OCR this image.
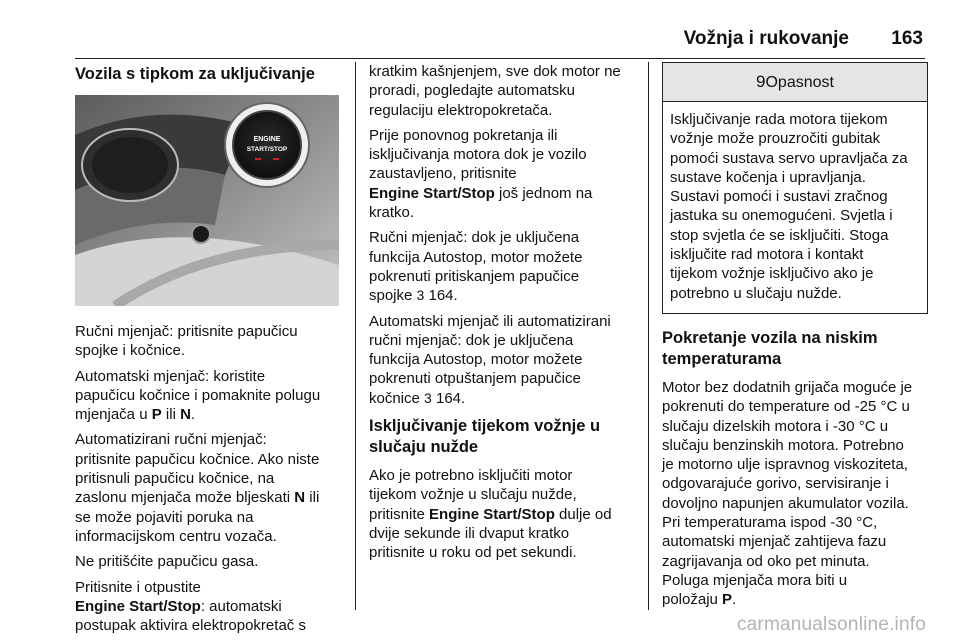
Vožnja i rukovanje 163
Vozila s tipkom za uključivanje
ENGINE
START/STOP

Ručni mjenjač: pritisnite papučicu
spojke i kočnice.

Automatski mjenjač: koristite
papučicu kočnice i pomaknite polugu
mjenjača u P ili N.

Automatizirani ručni mjenjač:
pritisnite papučicu kočnice. Ako niste
pritisnuli papučicu kočnice, na
zaslonu mjenjača može bljeskati N ili
se može pojaviti poruka na
informacijskom centru vozača.

Ne pritišćite papučicu gasa.

Pritisnite i otpustite
Engine Start/Stop: automatski
postupak aktivira elektropokretač s

kratkim kašnjenjem, sve dok motor ne
proradi, pogledajte automatsku
regulaciju elektropokretača.

Prije ponovnog pokretanja ili
isključivanja motora dok je vozilo
zaustavljeno, pritisnite
Engine Start/Stop još jednom na
kratko.

Ručni mjenjač: dok je uključena
funkcija Autostop, motor možete
pokrenuti pritiskanjem papučice
spojke 3 164.

Automatski mjenjač ili automatizirani
ručni mjenjač: dok je uključena
funkcija Autostop, motor možete
pokrenuti otpuštanjem papučice
kočnice 3 164.

Isključivanje tijekom vožnje u
slučaju nužde

Ako je potrebno isključiti motor
tijekom vožnje u slučaju nužde,
pritisnite Engine Start/Stop dulje od
dvije sekunde ili dvaput kratko
pritisnite u roku od pet sekundi.

9Opasnost
Isključivanje rada motora tijekom
vožnje može prouzročiti gubitak
pomoći sustava servo upravljača za
sustave kočenja i upravljanja.
Sustavi pomoći i sustavi zračnog
jastuka su onemogućeni. Svjetla i
stop svjetla će se isključiti. Stoga
isključite rad motora i kontakt
tijekom vožnje isključivo ako je
potrebno u slučaju nužde.
Pokretanje vozila na niskim
temperaturama

Motor bez dodatnih grijača moguće je
pokrenuti do temperature od -25 °C u
slučaju dizelskih motora i -30 °C u
slučaju benzinskih motora. Potrebno
je motorno ulje ispravnog viskoziteta,
odgovarajuće gorivo, servisiranje i
dovoljno napunjen akumulator vozila.
Pri temperaturama ispod -30 °C,
automatski mjenjač zahtijeva fazu
zagrijavanja od oko pet minuta.
Poluga mjenjača mora biti u
položaju P.

carmanualsonline.info
